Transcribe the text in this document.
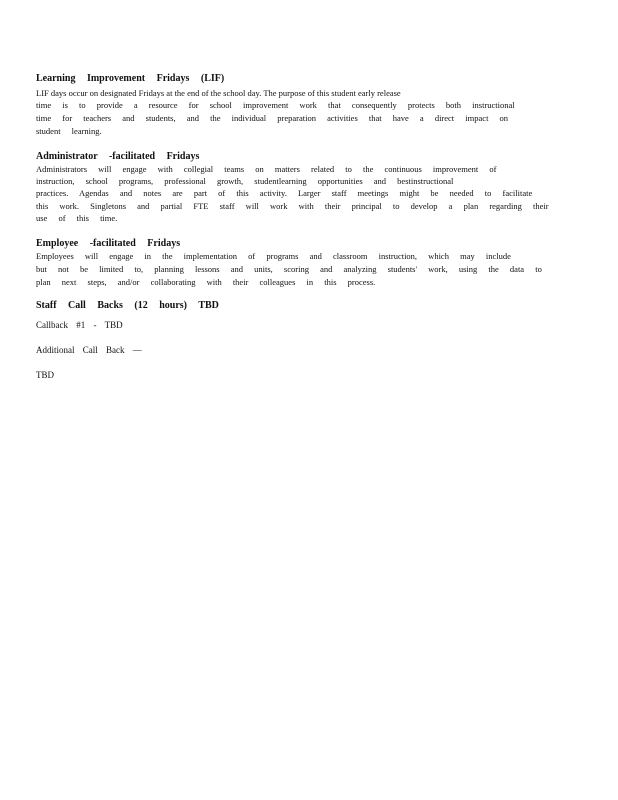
Learning Improvement Fridays (LIF)
LIF days occur on designated Fridays at the end of the school day. The purpose of this student early release
time is to provide a resource for school improvement work that consequently protects both instructional
time for teachers and students, and the individual preparation activities that have a direct impact on
student learning.
Administrator -facilitated Fridays
Administrators will engage with collegial teams on matters related to the continuous improvement of
instruction, school programs, professional growth, studentlearning opportunities and bestinstructional
practices. Agendas and notes are part of this activity. Larger staff meetings might be needed to facilitate
this work. Singletons and partial FTE staff will work with their principal to develop a plan regarding their
use of this time.
Employee -facilitated Fridays
Employees will engage in the implementation of programs and classroom instruction, which may include
but not be limited to, planning lessons and units, scoring and analyzing students' work, using the data to
plan next steps, and/or collaborating with their colleagues in this process.
Staff Call Backs (12 hours) TBD
Callback #1 - TBD
Additional Call Back —
TBD
